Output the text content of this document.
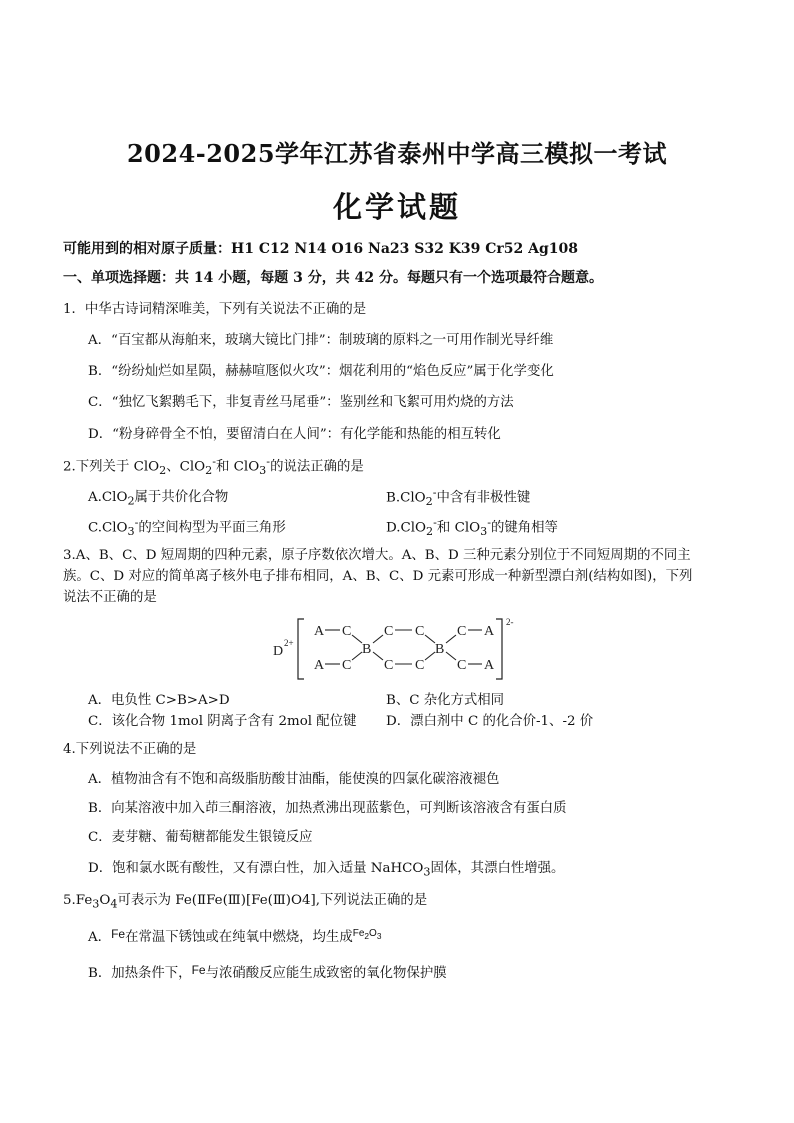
2024-2025学年江苏省泰州中学高三模拟一考试
化学试题
可能用到的相对原子质量：H1 C12 N14 O16 Na23 S32 K39 Cr52 Ag108
一、单项选择题：共 14 小题，每题 3 分，共 42 分。每题只有一个选项最符合题意。
1．中华古诗词精深唯美，下列有关说法不正确的是
A．“百宝都从海舶来，玻璃大镜比门排”：制玻璃的原料之一可用作制光导纤维
B．“纷纷灿烂如星陨，赫赫喧豗似火攻”：烟花利用的“焰色反应”属于化学变化
C．“独忆飞絮鹅毛下，非复青丝马尾垂”：鉴别丝和飞絮可用灼烧的方法
D．“粉身碎骨全不怕，要留清白在人间”：有化学能和热能的相互转化
2.下列关于 ClO$_2$、ClO$_2$-和 ClO$_3$-的说法正确的是
A.ClO$_2$属于共价化合物	B.ClO$_2$-中含有非极性键
C.ClO$_3$-的空间构型为平面三角形	D.ClO$_2$-和 ClO$_3$-的键角相等
3.A、B、C、D 短周期的四种元素，原子序数依次增大。A、B、D 三种元素分别位于不同短周期的不同主
族。C、D 对应的简单离子核外电子排布相同，A、B、C、D 元素可形成一种新型漂白剂(结构如图)，下列
说法不正确的是
D
2+
2-
A C
A C
B
C C
C C
B
C A
C A
A．电负性 C>B>A>D	B、C 杂化方式相同
C．该化合物 1mol 阴离子含有 2mol 配位键 D．漂白剂中 C 的化合价-1、-2 价
4.下列说法不正确的是
A．植物油含有不饱和高级脂肪酸甘油酯，能使溴的四氯化碳溶液褪色
B．向某溶液中加入茚三酮溶液，加热煮沸出现蓝紫色，可判断该溶液含有蛋白质
C．麦芽糖、葡萄糖都能发生银镜反应
D．饱和氯水既有酸性，又有漂白性，加入适量 NaHCO$_3$固体，其漂白性增强。
$5.Fe_3O_4$可表示为 Fe(ⅡFe(Ⅲ)[Fe(Ⅲ)O4],下列说法正确的是
A．Fe在常温下锈蚀或在纯氧中燃烧，均生成$^{Fe_2O_3}$
B．加热条件下，Fe与浓硝酸反应能生成致密的氧化物保护膜
